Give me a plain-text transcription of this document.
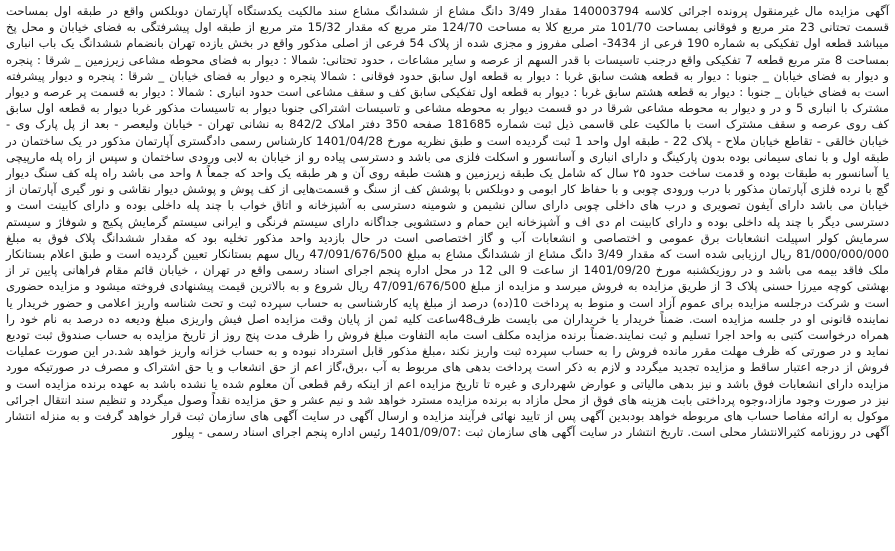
آگهی مزایده مال غیرمنقول پرونده اجرائی کلاسه 140003794 مقدار 3/49 دانگ مشاع از ششدانگ مشاع سند مالکیت یکدستگاه آپارتمان دوبلکس واقع در طبقه اول بمساحت قسمت تحتانی 23 متر مربع و فوقانی بمساحت 101/70 متر مربع کلا به مساحت 124/70 متر مربع که مقدار 15/32 متر مربع از طبقه اول پیشرفتگی به فضای خیابان و محل پخ میباشد قطعه اول تفکیکی به شماره 190 فرعی از 3434- اصلی مفروز و مجزی شده از پلاک 54 فرعی از اصلی مذکور واقع در بخش یازده تهران بانضمام ششدانگ یک باب انباری بمساحت 8 متر مربع قطعه 7 تفکیکی واقع درجنب تاسیسات با قدر السهم از عرصه و سایر مشاعات ، حدود تحتانی: شمالا : دیوار به فضای محوطه مشاعی زیرزمین _ شرقا : پنجره و دیوار به فضای خیابان _ جنوبا : دیوار به قطعه هشت سابق غربا : دیوار به قطعه اول سابق حدود فوقانی : شمالا پنجره و دیوار به فضای خیابان _ شرقا : پنجره و دیوار پیشرفته است به فضای خیابان _ جنوبا : دیوار به قطعه هشتم سابق غربا : دیوار به قطعه اول تفکیکی سابق کف و سقف مشاعی است حدود انباری : شمالا : دیوار به قسمت پر عرصه و دیوار مشترک با انباری 5 و در و دیوار به محوطه مشاعی شرقا در دو قسمت دیوار به محوطه مشاعی و تاسیسات اشتراکی جنوبا دیوار به تاسیسات مذکور غربا دیوار به قطعه اول سابق کف روی عرصه و سقف مشترک است با مالکیت علی قاسمی ذیل ثبت شماره 181685 صفحه 350 دفتر املاک 842/2 به نشانی تهران - خیابان ولیعصر - بعد از پل پارک وی - خیابان خالقی - تقاطع خیابان ملاح - پلاک 22 - طبقه اول واحد 1 ثبت گردیده است و طبق نظریه مورخ 1401/04/28 کارشناس رسمی دادگستری آپارتمان مذکور در یک ساختمان در طبقه اول و با نمای سیمانی بوده بدون پارکینگ و دارای انباری و آسانسور و اسکلت فلزی می باشد و دسترسی پیاده رو از خیابان به لابی ورودی ساختمان و سپس از راه پله مارپیچی یا آسانسور به طبقات بوده و قدمت ساخت حدود ۲۵ سال که شامل یک طبقه زیرزمین و هشت طبقه روی آن و هر طبقه یک واحد که جمعاً ۸ واحد می باشد راه پله کف سنگ دیوار گچ با نرده فلزی آپارتمان مذکور با درب ورودی چوبی و با حفاظ کار ابومی و دوبلکس با پوشش کف از سنگ و قسمت‌هایی از کف پوش و پوشش دیوار نقاشی و نور گیری آپارتمان از خیابان می باشد دارای آیفون تصویری و درب های داخلی چوبی دارای سالن نشیمن و شومینه دسترسی به آشپزخانه و اتاق خواب با چند پله داخلی بوده و دارای کابینت است و دسترسی دیگر با چند پله داخلی بوده و دارای کابینت ام دی اف و آشپزخانه این حمام و دستشویی جداگانه دارای سیستم فرنگی و ایرانی سیستم گرمایش پکیج و شوفاژ و سیستم سرمایش کولر اسپیلت انشعابات برق عمومی و اختصاصی و انشعابات آب و گاز اختصاصی است در حال بازدید واحد مذکور تخلیه بود که مقدار ششدانگ پلاک فوق به مبلغ 81/000/000/000 ریال ارزیابی شده است که مقدار 3/49 دانگ مشاع از ششدانگ مشاع به مبلغ 47/091/676/500 ریال سهم بستانکار تعیین گردیده است و طبق اعلام بستانکار ملک فاقد بیمه می باشد و در روزیکشنبه مورخ 1401/09/20 از ساعت 9 الی 12 در محل اداره پنجم اجرای اسناد رسمی واقع در تهران ، خیابان قائم مقام فراهانی پایین تر از بهشتی کوچه میرزا حسنی پلاک 3 از طریق مزایده به فروش میرسد و مزایده از مبلغ 47/091/676/500 ریال شروع و به بالاترین قیمت پیشنهادی فروخته میشود و مزایده حضوری است و شرکت درجلسه مزایده برای عموم آزاد است و منوط به پرداخت 10(ده) درصد از مبلغ پایه کارشناسی به حساب سپرده ثبت و تحت شناسه واریز اعلامی و حضور خریدار یا نماینده قانونی او در جلسه مزایده است. ضمناً خریدار یا خریداران می بایست ظرف48ساعت کلیه ثمن از پایان وقت مزایده اصل فیش واریزی مبلغ ودیعه ده درصد به نام خود را همراه درخواست کتبی به واحد اجرا تسلیم و ثبت نمایند.ضمناً برنده مزایده مکلف است مابه التفاوت مبلغ فروش را ظرف مدت پنج روز از تاریخ مزایده به حساب صندوق ثبت تودیع نماید و در صورتی که ظرف مهلت مقرر مانده فروش را به حساب سپرده ثبت واریز نکند ،مبلغ مذکور قابل استرداد نبوده و به حساب خزانه واریز خواهد شد.در این صورت عملیات فروش از درجه اعتبار ساقط و مزایده تجدید میگردد و لازم به ذکر است پرداخت بدهی های مربوط به آب ،برق،گاز اعم از حق انشعاب و یا حق اشتراک و مصرف در صورتیکه مورد مزایده دارای انشعابات فوق باشد و نیز بدهی مالیاتی و عوارض شهرداری و غیره تا تاریخ مزایده اعم از اینکه رقم قطعی آن معلوم شده یا نشده باشد به عهده برنده مزایده است و نیز در صورت وجود مازاد،وجوه پرداختی بابت هزینه های فوق از محل مازاد به برنده مزایده مسترد خواهد شد و نیم عشر و حق مزایده نقداً وصول میگردد و تنظیم سند انتقال اجرائی موکول به ارائه مفاصا حساب های مربوطه خواهد بودبدین آگهی پس از تایید نهائی فرآیند مزایده و ارسال آگهی در سایت آگهی های سازمان ثبت قرار خواهد گرفت و به منزله انتشار آگهی در روزنامه کثیرالانتشار محلی است. تاریخ انتشار در سایت آگهی های سازمان ثبت :1401/09/07 رئیس اداره پنجم اجرای اسناد رسمی - پیلور
